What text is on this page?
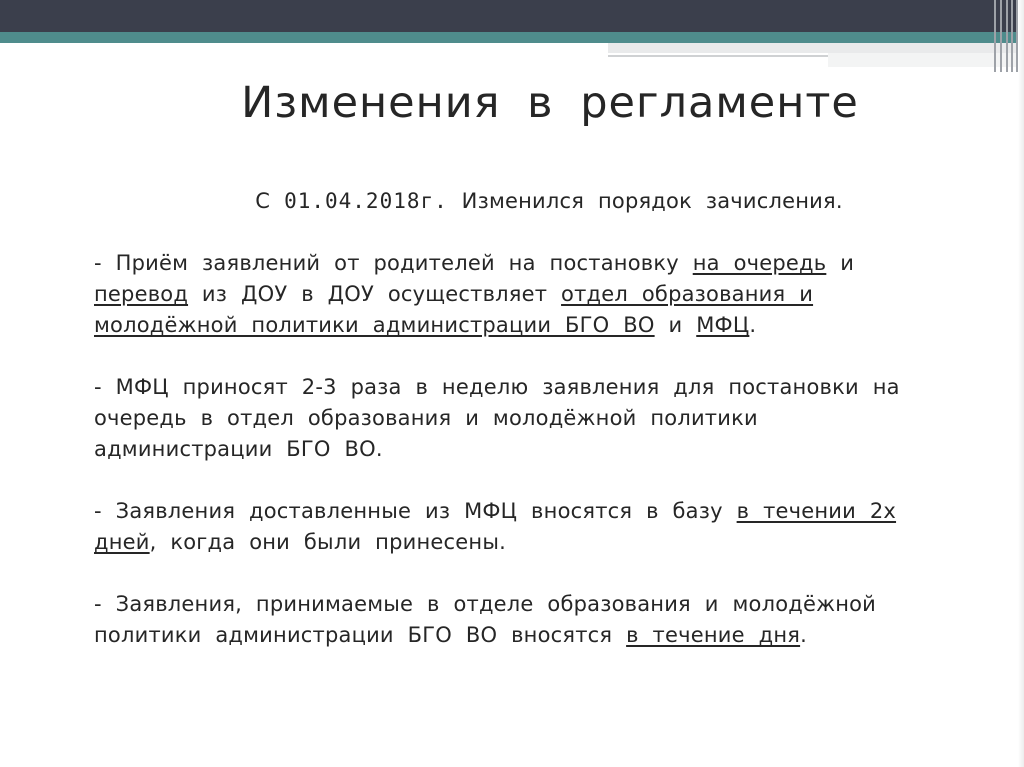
Изменения в регламенте
С 01.04.2018г. Изменился порядок зачисления.
- Приём заявлений от родителей на постановку на очередь и перевод из ДОУ в ДОУ осуществляет отдел образования и молодёжной политики администрации БГО ВО и МФЦ.
- МФЦ приносят 2-3 раза в неделю заявления для постановки на очередь в отдел образования и молодёжной политики администрации БГО ВО.
- Заявления доставленные из МФЦ вносятся в базу в течении 2х дней, когда они были принесены.
- Заявления, принимаемые в отделе образования и молодёжной политики администрации БГО ВО вносятся в течение дня.
